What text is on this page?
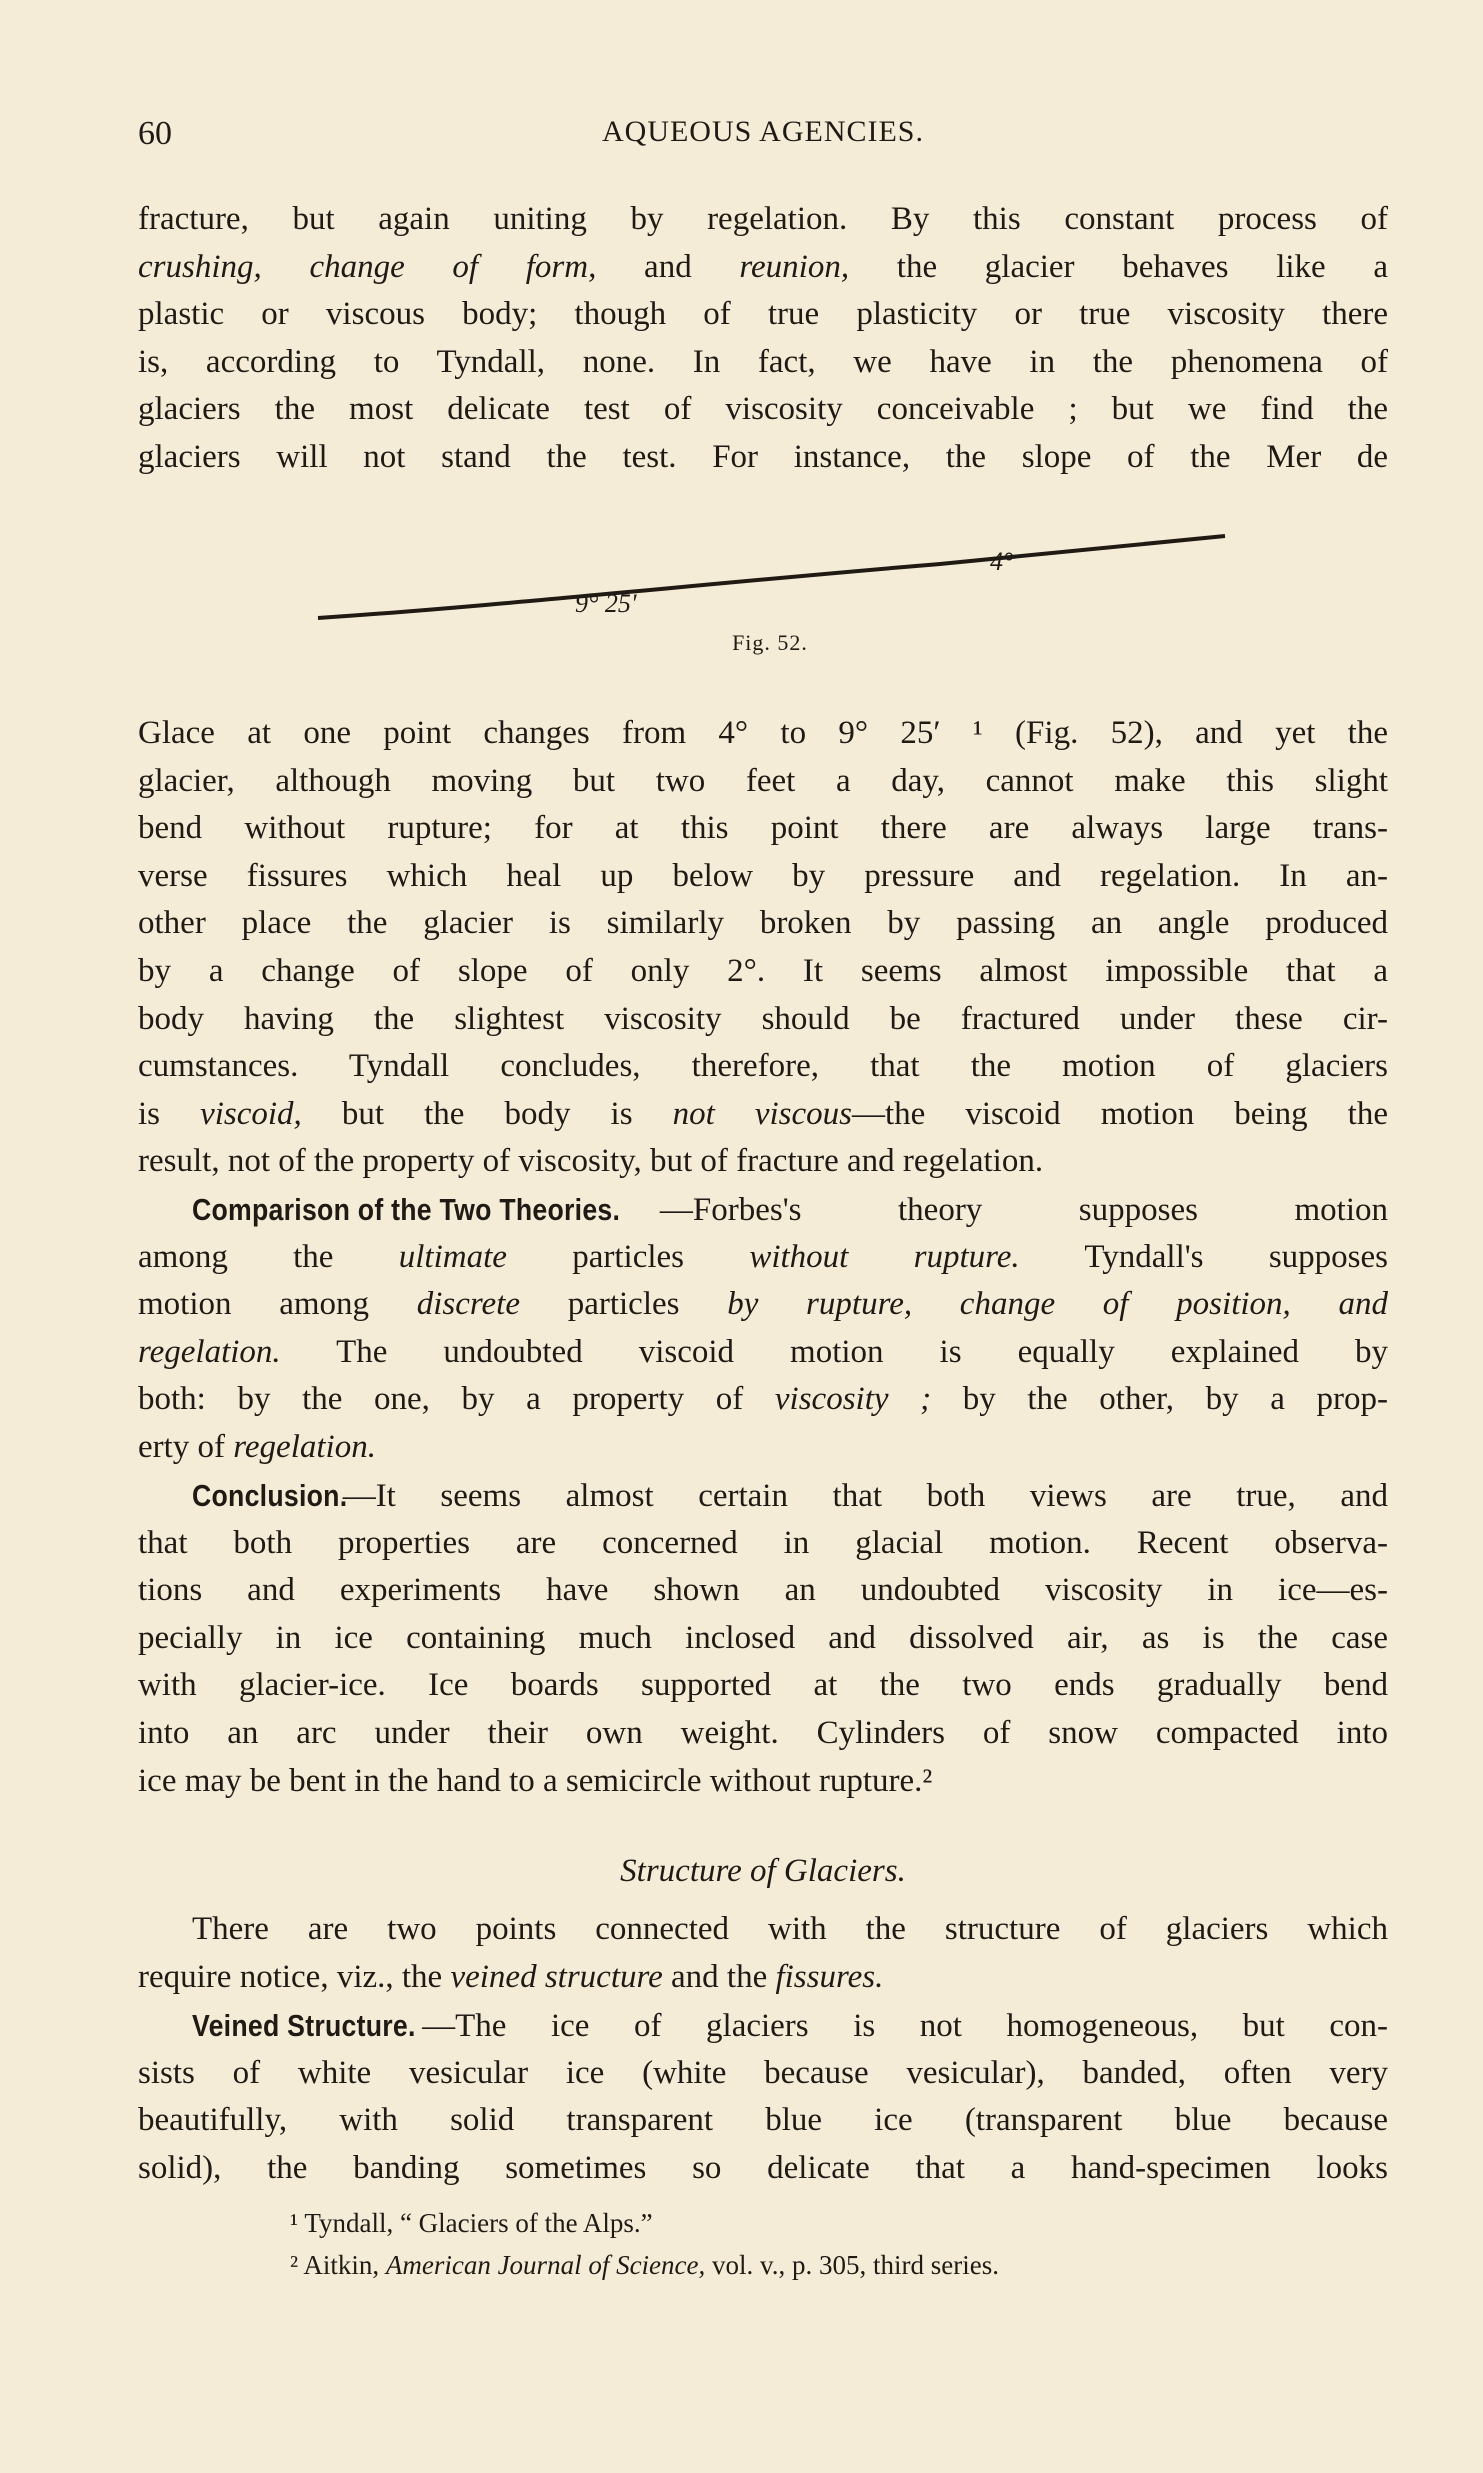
60	AQUEOUS AGENCIES.
fracture, but again uniting by regelation. By this constant process of
crushing, change of form, and reunion, the glacier behaves like a
plastic or viscous body; though of true plasticity or true viscosity there
is, according to Tyndall, none. In fact, we have in the phenomena of
glaciers the most delicate test of viscosity conceivable ; but we find the
glaciers will not stand the test. For instance, the slope of the Mer de
4°
9° 25'
Fig. 52.
Glace at one point changes from 4° to 9° 25′ ¹ (Fig. 52), and yet the
glacier, although moving but two feet a day, cannot make this slight
bend without rupture; for at this point there are always large trans-
verse fissures which heal up below by pressure and regelation. In an-
other place the glacier is similarly broken by passing an angle produced
by a change of slope of only 2°. It seems almost impossible that a
body having the slightest viscosity should be fractured under these cir-
cumstances. Tyndall concludes, therefore, that the motion of glaciers
is viscoid, but the body is not viscous—the viscoid motion being the
result, not of the property of viscosity, but of fracture and regelation.
Comparison of the Two Theories. —Forbes's theory supposes motion
among the ultimate particles without rupture. Tyndall's supposes
motion among discrete particles by rupture, change of position, and
regelation. The undoubted viscoid motion is equally explained by
both: by the one, by a property of viscosity ; by the other, by a prop-
erty of regelation.
Conclusion.—It seems almost certain that both views are true, and
that both properties are concerned in glacial motion. Recent observa-
tions and experiments have shown an undoubted viscosity in ice—es-
pecially in ice containing much inclosed and dissolved air, as is the case
with glacier-ice. Ice boards supported at the two ends gradually bend
into an arc under their own weight. Cylinders of snow compacted into
ice may be bent in the hand to a semicircle without rupture.²
Structure of Glaciers.
There are two points connected with the structure of glaciers which
require notice, viz., the veined structure and the fissures.
Veined Structure. —The ice of glaciers is not homogeneous, but con-
sists of white vesicular ice (white because vesicular), banded, often very
beautifully, with solid transparent blue ice (transparent blue because
solid), the banding sometimes so delicate that a hand-specimen looks
¹ Tyndall, “ Glaciers of the Alps.”
² Aitkin, American Journal of Science, vol. v., p. 305, third series.
